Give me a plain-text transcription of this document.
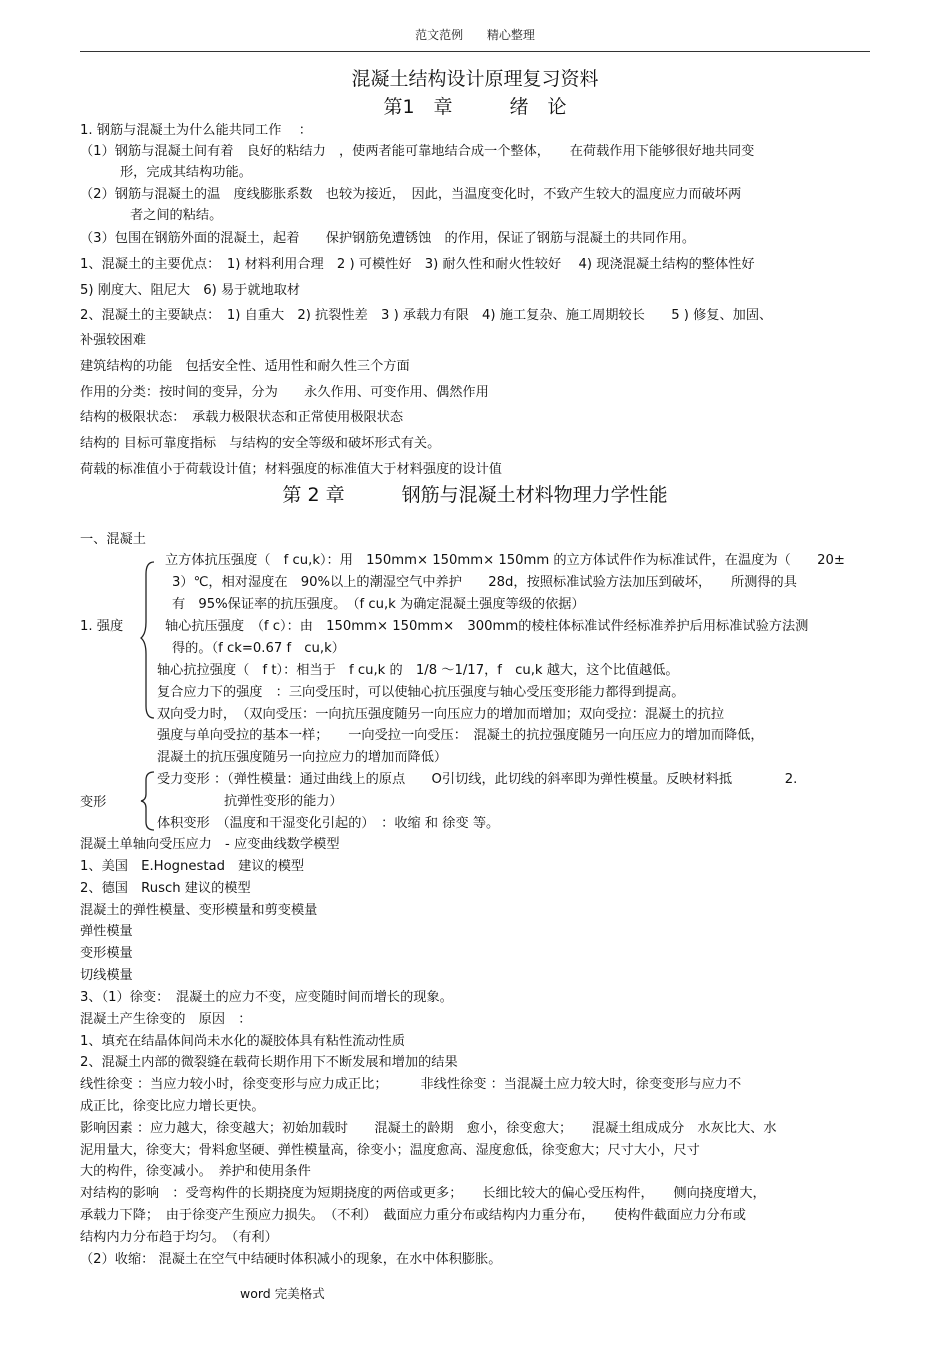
范文范例 精心整理
混凝土结构设计原理复习资料
第1　章　　　绪　论
1. 钢筋与混凝土为什么能共同工作 　：
（1）钢筋与混凝土间有着　良好的粘结力　，使两者能可靠地结合成一个整体，　　在荷载作用下能够很好地共同变
形，完成其结构功能。
（2）钢筋与混凝土的温　度线膨胀系数　也较为接近，　因此，当温度变化时，不致产生较大的温度应力而破坏两
者之间的粘结。
（3）包围在钢筋外面的混凝土，起着　　保护钢筋免遭锈蚀　的作用，保证了钢筋与混凝土的共同作用。
1、混凝土的主要优点：　1) 材料利用合理　2 ) 可模性好　3) 耐久性和耐火性较好　 4) 现浇混凝土结构的整体性好
5) 刚度大、阻尼大　6) 易于就地取材
2、混凝土的主要缺点：　1) 自重大　2) 抗裂性差　3 ) 承载力有限　4) 施工复杂、施工周期较长　　5 ) 修复、加固、
补强较困难
建筑结构的功能　包括安全性、适用性和耐久性三个方面
作用的分类：按时间的变异，分为　　永久作用、可变作用、偶然作用
结构的极限状态：　承载力极限状态和正常使用极限状态
结构的 目标可靠度指标　与结构的安全等级和破坏形式有关。
荷载的标准值小于荷载设计值；材料强度的标准值大于材料强度的设计值
第 2 章　　　钢筋与混凝土材料物理力学性能
一、混凝土
1. 强度
立方体抗压强度（　f cu,k）：用　150mm× 150mm× 150mm 的立方体试件作为标准试件，在温度为（　　20±
3）℃，相对湿度在　90%以上的潮湿空气中养护　　28d，按照标准试验方法加压到破坏，　　所测得的具
有　95%保证率的抗压强度。　（f cu,k 为确定混凝土强度等级的依据）
轴心抗压强度　（f c）：由　150mm× 150mm×　300mm的棱柱体标准试件经标准养护后用标准试验方法测
得的。（f ck=0.67 f　cu,k）
轴心抗拉强度（　f t）：相当于　f cu,k 的　1/8 ～1/17，f　cu,k 越大，这个比值越低。
复合应力下的强度　：三向受压时，可以使轴心抗压强度与轴心受压变形能力都得到提高。
双向受力时，　（双向受压：一向抗压强度随另一向压应力的增加而增加；双向受拉：混凝土的抗拉
强度与单向受拉的基本一样；　　一向受拉一向受压：　混凝土的抗拉强度随另一向压应力的增加而降低，
混凝土的抗压强度随另一向拉应力的增加而降低）
变形
受力变形 ：（弹性模量：通过曲线上的原点　　O引切线，此切线的斜率即为弹性模量。反映材料抵　　　　2.
抗弹性变形的能力）
体积变形　（温度和干湿变化引起的）　：收缩 和 徐变 等。
混凝土单轴向受压应力　- 应变曲线数学模型
1、美国　E.Hognestad　建议的模型
2、德国　Rusch 建议的模型
混凝土的弹性模量、变形模量和剪变模量
弹性模量
变形模量
切线模量
3、（1）徐变：　混凝土的应力不变，应变随时间而增长的现象。
混凝土产生徐变的　原因　：
1、填充在结晶体间尚未水化的凝胶体具有粘性流动性质
2、混凝土内部的微裂缝在载荷长期作用下不断发展和增加的结果
线性徐变 ：当应力较小时，徐变变形与应力成正比；　　　非线性徐变 ：当混凝土应力较大时，徐变变形与应力不
成正比，徐变比应力增长更快。
影响因素 ：应力越大，徐变越大；初始加载时　　混凝土的龄期　愈小，徐变愈大；　　混凝土组成成分　水灰比大、水
泥用量大，徐变大；骨料愈坚硬、弹性模量高，徐变小；温度愈高、湿度愈低，徐变愈大；尺寸大小，尺寸
大的构件，徐变减小。　养护和使用条件
对结构的影响　：受弯构件的长期挠度为短期挠度的两倍或更多；　　长细比较大的偏心受压构件，　　侧向挠度增大，
承载力下降；　由于徐变产生预应力损失。　（不利）　截面应力重分布或结构内力重分布，　　使构件截面应力分布或
结构内力分布趋于均匀。　（有利）
（2）收缩： 混凝土在空气中结硬时体积减小的现象，在水中体积膨胀。
word 完美格式
